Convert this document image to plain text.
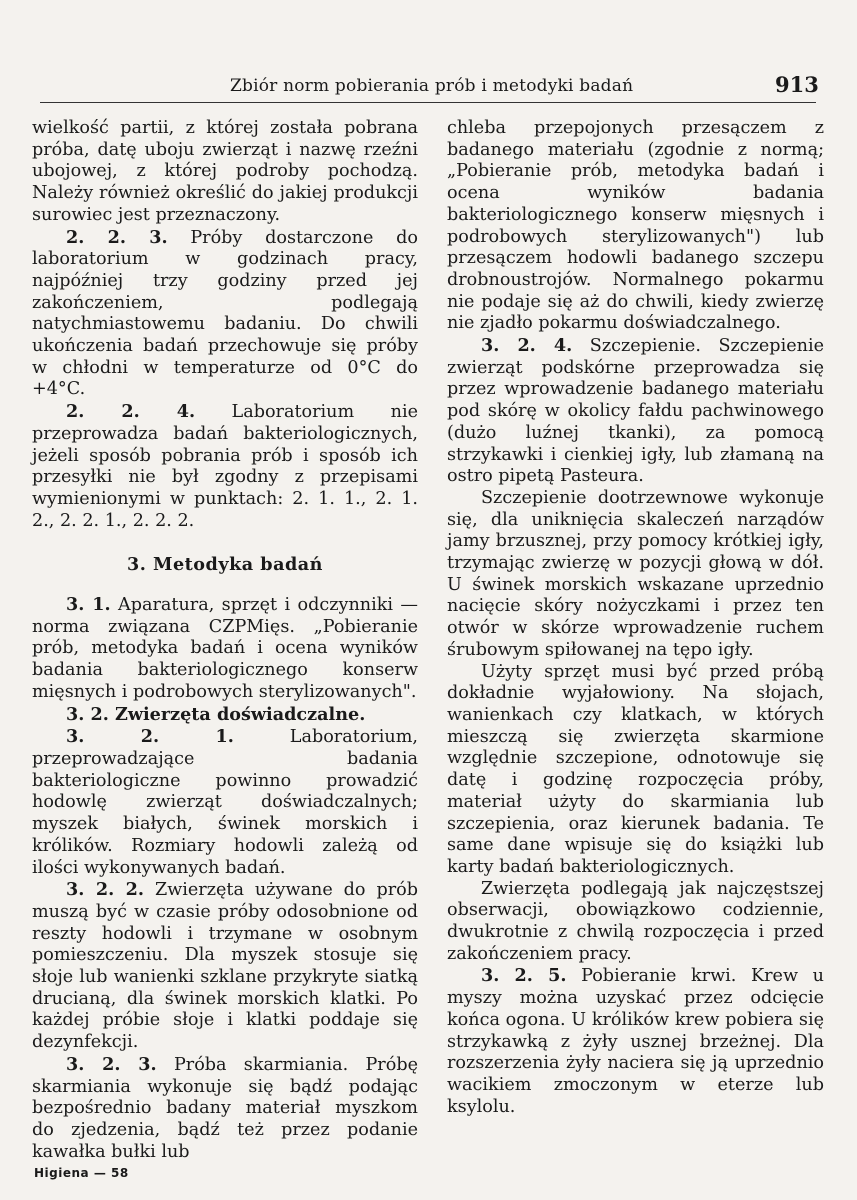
Zbiór norm pobierania prób i metodyki badań	913

wielkość partii, z której została pobrana próba, datę uboju zwierząt i nazwę rzeźni ubojowej, z której podroby pochodzą. Należy również określić do jakiej produkcji surowiec jest przeznaczony.

2. 2. 3. Próby dostarczone do laboratorium w godzinach pracy, najpóźniej trzy godziny przed jej zakończeniem, podlegają natychmiastowemu badaniu. Do chwili ukończenia badań przechowuje się próby w chłodni w temperaturze od 0°C do +4°C.

2. 2. 4. Laboratorium nie przeprowadza badań bakteriologicznych, jeżeli sposób pobrania prób i sposób ich przesyłki nie był zgodny z przepisami wymienionymi w punktach: 2. 1. 1., 2. 1. 2., 2. 2. 1., 2. 2. 2.

3. Metodyka badań

3. 1. Aparatura, sprzęt i odczynniki — norma związana CZPMięs. „Pobieranie prób, metodyka badań i ocena wyników badania bakteriologicznego konserw mięsnych i podrobowych sterylizowanych".

3. 2. Zwierzęta doświadczalne.

3. 2. 1. Laboratorium, przeprowadzające badania bakteriologiczne powinno prowadzić hodowlę zwierząt doświadczalnych; myszek białych, świnek morskich i królików. Rozmiary hodowli zależą od ilości wykonywanych badań.

3. 2. 2. Zwierzęta używane do prób muszą być w czasie próby odosobnione od reszty hodowli i trzymane w osobnym pomieszczeniu. Dla myszek stosuje się słoje lub wanienki szklane przykryte siatką drucianą, dla świnek morskich klatki. Po każdej próbie słoje i klatki poddaje się dezynfekcji.

3. 2. 3. Próba skarmiania. Próbę skarmiania wykonuje się bądź podając bezpośrednio badany materiał myszkom do zjedzenia, bądź też przez podanie kawałka bułki lub

chleba przepojonych przesączem z badanego materiału (zgodnie z normą; „Pobieranie prób, metodyka badań i ocena wyników badania bakteriologicznego konserw mięsnych i podrobowych sterylizowanych") lub przesączem hodowli badanego szczepu drobnoustrojów. Normalnego pokarmu nie podaje się aż do chwili, kiedy zwierzę nie zjadło pokarmu doświadczalnego.

3. 2. 4. Szczepienie. Szczepienie zwierząt podskórne przeprowadza się przez wprowadzenie badanego materiału pod skórę w okolicy fałdu pachwinowego (dużo luźnej tkanki), za pomocą strzykawki i cienkiej igły, lub złamaną na ostro pipetą Pasteura.

Szczepienie dootrzewnowe wykonuje się, dla uniknięcia skaleczeń narządów jamy brzusznej, przy pomocy krótkiej igły, trzymając zwierzę w pozycji głową w dół. U świnek morskich wskazane uprzednio nacięcie skóry nożyczkami i przez ten otwór w skórze wprowadzenie ruchem śrubowym spiłowanej na tępo igły.

Użyty sprzęt musi być przed próbą dokładnie wyjałowiony. Na słojach, wanienkach czy klatkach, w których mieszczą się zwierzęta skarmione względnie szczepione, odnotowuje się datę i godzinę rozpoczęcia próby, materiał użyty do skarmiania lub szczepienia, oraz kierunek badania. Te same dane wpisuje się do książki lub karty badań bakteriologicznych.

Zwierzęta podlegają jak najczęstszej obserwacji, obowiązkowo codziennie, dwukrotnie z chwilą rozpoczęcia i przed zakończeniem pracy.

3. 2. 5. Pobieranie krwi. Krew u myszy można uzyskać przez odcięcie końca ogona. U królików krew pobiera się strzykawką z żyły usznej brzeżnej. Dla rozszerzenia żyły naciera się ją uprzednio wacikiem zmoczonym w eterze lub ksylolu.

Higiena — 58
